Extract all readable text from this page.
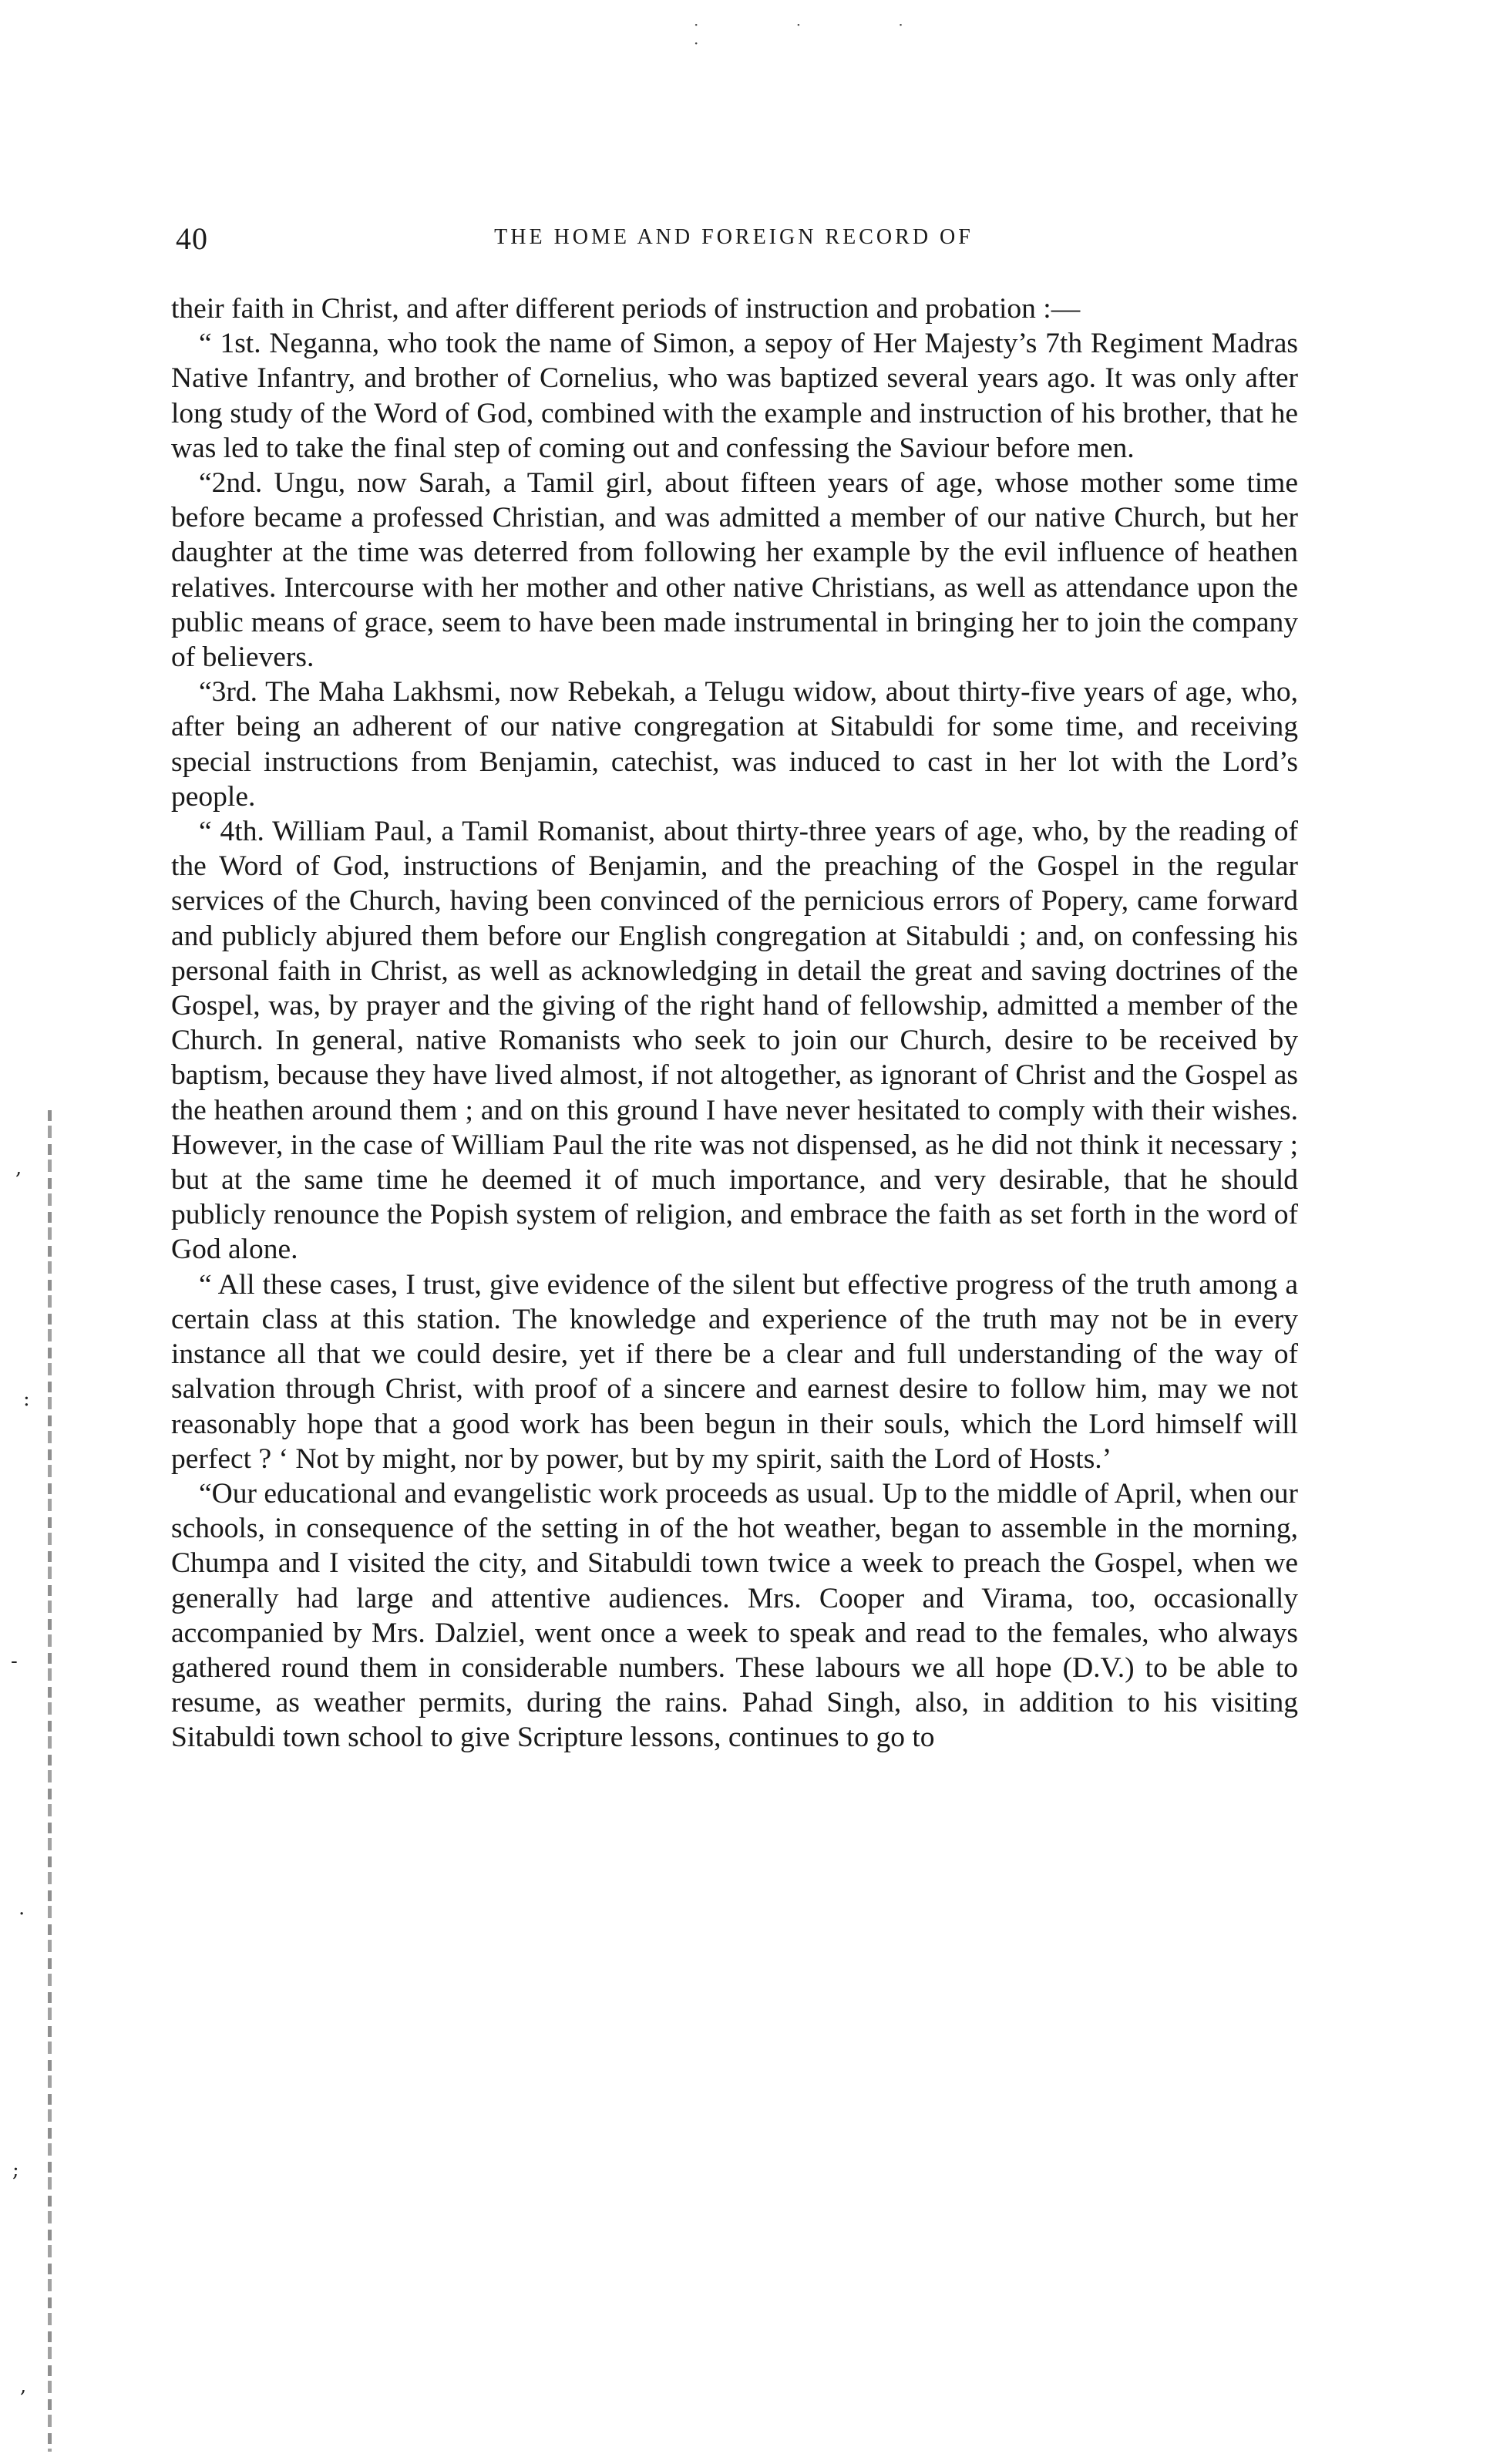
· · · ·
40	THE HOME AND FOREIGN RECORD OF

their faith in Christ, and after different periods of instruction and probation :—

“ 1st. Neganna, who took the name of Simon, a sepoy of Her Majesty’s 7th Regiment Madras Native Infantry, and brother of Cornelius, who was baptized several years ago. It was only after long study of the Word of God, combined with the example and instruction of his brother, that he was led to take the final step of coming out and confessing the Saviour before men.

“2nd. Ungu, now Sarah, a Tamil girl, about fifteen years of age, whose mother some time before became a professed Christian, and was admitted a member of our native Church, but her daughter at the time was deterred from following her example by the evil influence of heathen relatives. Intercourse with her mother and other native Christians, as well as attendance upon the public means of grace, seem to have been made instrumental in bringing her to join the company of believers.

“3rd. The Maha Lakhsmi, now Rebekah, a Telugu widow, about thirty-five years of age, who, after being an adherent of our native congregation at Sitabuldi for some time, and receiving special instructions from Benjamin, catechist, was induced to cast in her lot with the Lord’s people.

“ 4th. William Paul, a Tamil Romanist, about thirty-three years of age, who, by the reading of the Word of God, instructions of Benjamin, and the preaching of the Gospel in the regular services of the Church, having been convinced of the pernicious errors of Popery, came forward and publicly abjured them before our English congregation at Sitabuldi ; and, on confessing his personal faith in Christ, as well as acknowledging in detail the great and saving doctrines of the Gospel, was, by prayer and the giving of the right hand of fellowship, admitted a member of the Church. In general, native Romanists who seek to join our Church, desire to be received by baptism, because they have lived almost, if not altogether, as ignorant of Christ and the Gospel as the heathen around them ; and on this ground I have never hesitated to comply with their wishes. However, in the case of William Paul the rite was not dispensed, as he did not think it necessary ; but at the same time he deemed it of much importance, and very desirable, that he should publicly renounce the Popish system of religion, and embrace the faith as set forth in the word of God alone.

“ All these cases, I trust, give evidence of the silent but effective progress of the truth among a certain class at this station. The knowledge and experience of the truth may not be in every instance all that we could desire, yet if there be a clear and full understanding of the way of salvation through Christ, with proof of a sincere and earnest desire to follow him, may we not reasonably hope that a good work has been begun in their souls, which the Lord himself will perfect ? ‘ Not by might, nor by power, but by my spirit, saith the Lord of Hosts.’

“Our educational and evangelistic work proceeds as usual. Up to the middle of April, when our schools, in consequence of the setting in of the hot weather, began to assemble in the morning, Chumpa and I visited the city, and Sitabuldi town twice a week to preach the Gospel, when we generally had large and attentive audiences. Mrs. Cooper and Virama, too, occasionally accompanied by Mrs. Dalziel, went once a week to speak and read to the females, who always gathered round them in considerable numbers. These labours we all hope (D.V.) to be able to resume, as weather permits, during the rains. Pahad Singh, also, in addition to his visiting Sitabuldi town school to give Scripture lessons, continues to go to

,
:
-
.
;
,
